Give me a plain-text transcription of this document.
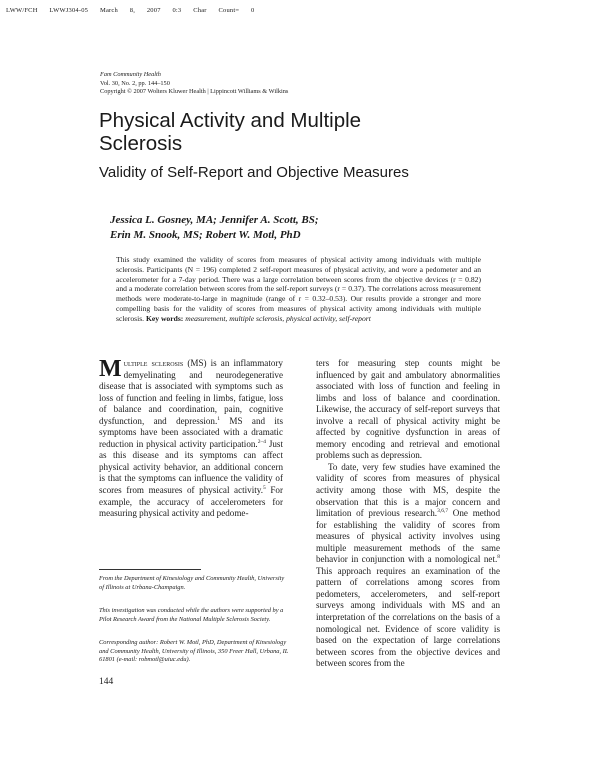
LWW/FCH LWWJ304-05 March 8, 2007 0:3 Char Count= 0
Fam Community Health
Vol. 30, No. 2, pp. 144–150
Copyright © 2007 Wolters Kluwer Health | Lippincott Williams & Wilkins
Physical Activity and Multiple Sclerosis
Validity of Self-Report and Objective Measures
Jessica L. Gosney, MA; Jennifer A. Scott, BS;
Erin M. Snook, MS; Robert W. Motl, PhD
This study examined the validity of scores from measures of physical activity among individuals with multiple sclerosis. Participants (N = 196) completed 2 self-report measures of physical activity, and wore a pedometer and an accelerometer for a 7-day period. There was a large correlation between scores from the objective devices (r = 0.82) and a moderate correlation between scores from the self-report surveys (r = 0.37). The correlations across measurement methods were moderate-to-large in magnitude (range of r = 0.32–0.53). Our results provide a stronger and more compelling basis for the validity of scores from measures of physical activity among individuals with multiple sclerosis. Key words: measurement, multiple sclerosis, physical activity, self-report

Multiple sclerosis (MS) is an inflammatory demyelinating and neurodegenerative disease that is associated with symptoms such as loss of function and feeling in limbs, fatigue, loss of balance and coordination, pain, cognitive dysfunction, and depression.$^1$ MS and its symptoms have been associated with a dramatic reduction in physical activity participation.$^{2-4}$ Just as this disease and its symptoms can affect physical activity behavior, an additional concern is that the symptoms can influence the validity of scores from measures of physical activity.$^5$ For example, the accuracy of accelerometers for measuring physical activity and pedome-

ters for measuring step counts might be influenced by gait and ambulatory abnormalities associated with loss of function and feeling in limbs and loss of balance and coordination. Likewise, the accuracy of self-report surveys that involve a recall of physical activity might be affected by cognitive dysfunction in areas of memory encoding and retrieval and emotional problems such as depression.

To date, very few studies have examined the validity of scores from measures of physical activity among those with MS, despite the observation that this is a major concern and limitation of previous research.$^{3,6,7}$ One method for establishing the validity of scores from measures of physical activity involves using multiple measurement methods of the same behavior in conjunction with a nomological net.$^8$ This approach requires an examination of the pattern of correlations among scores from pedometers, accelerometers, and self-report surveys among individuals with MS and an interpretation of the correlations on the basis of a nomological net. Evidence of score validity is based on the expectation of large correlations between scores from the objective devices and between scores from the

From the Department of Kinesiology and Community Health, University of Illinois at Urbana-Champaign.
This investigation was conducted while the authors were supported by a Pilot Research Award from the National Multiple Sclerosis Society.
Corresponding author: Robert W. Motl, PhD, Department of Kinesiology and Community Health, University of Illinois, 350 Freer Hall, Urbana, IL 61801 (e-mail: robmotl@uiuc.edu).
144
